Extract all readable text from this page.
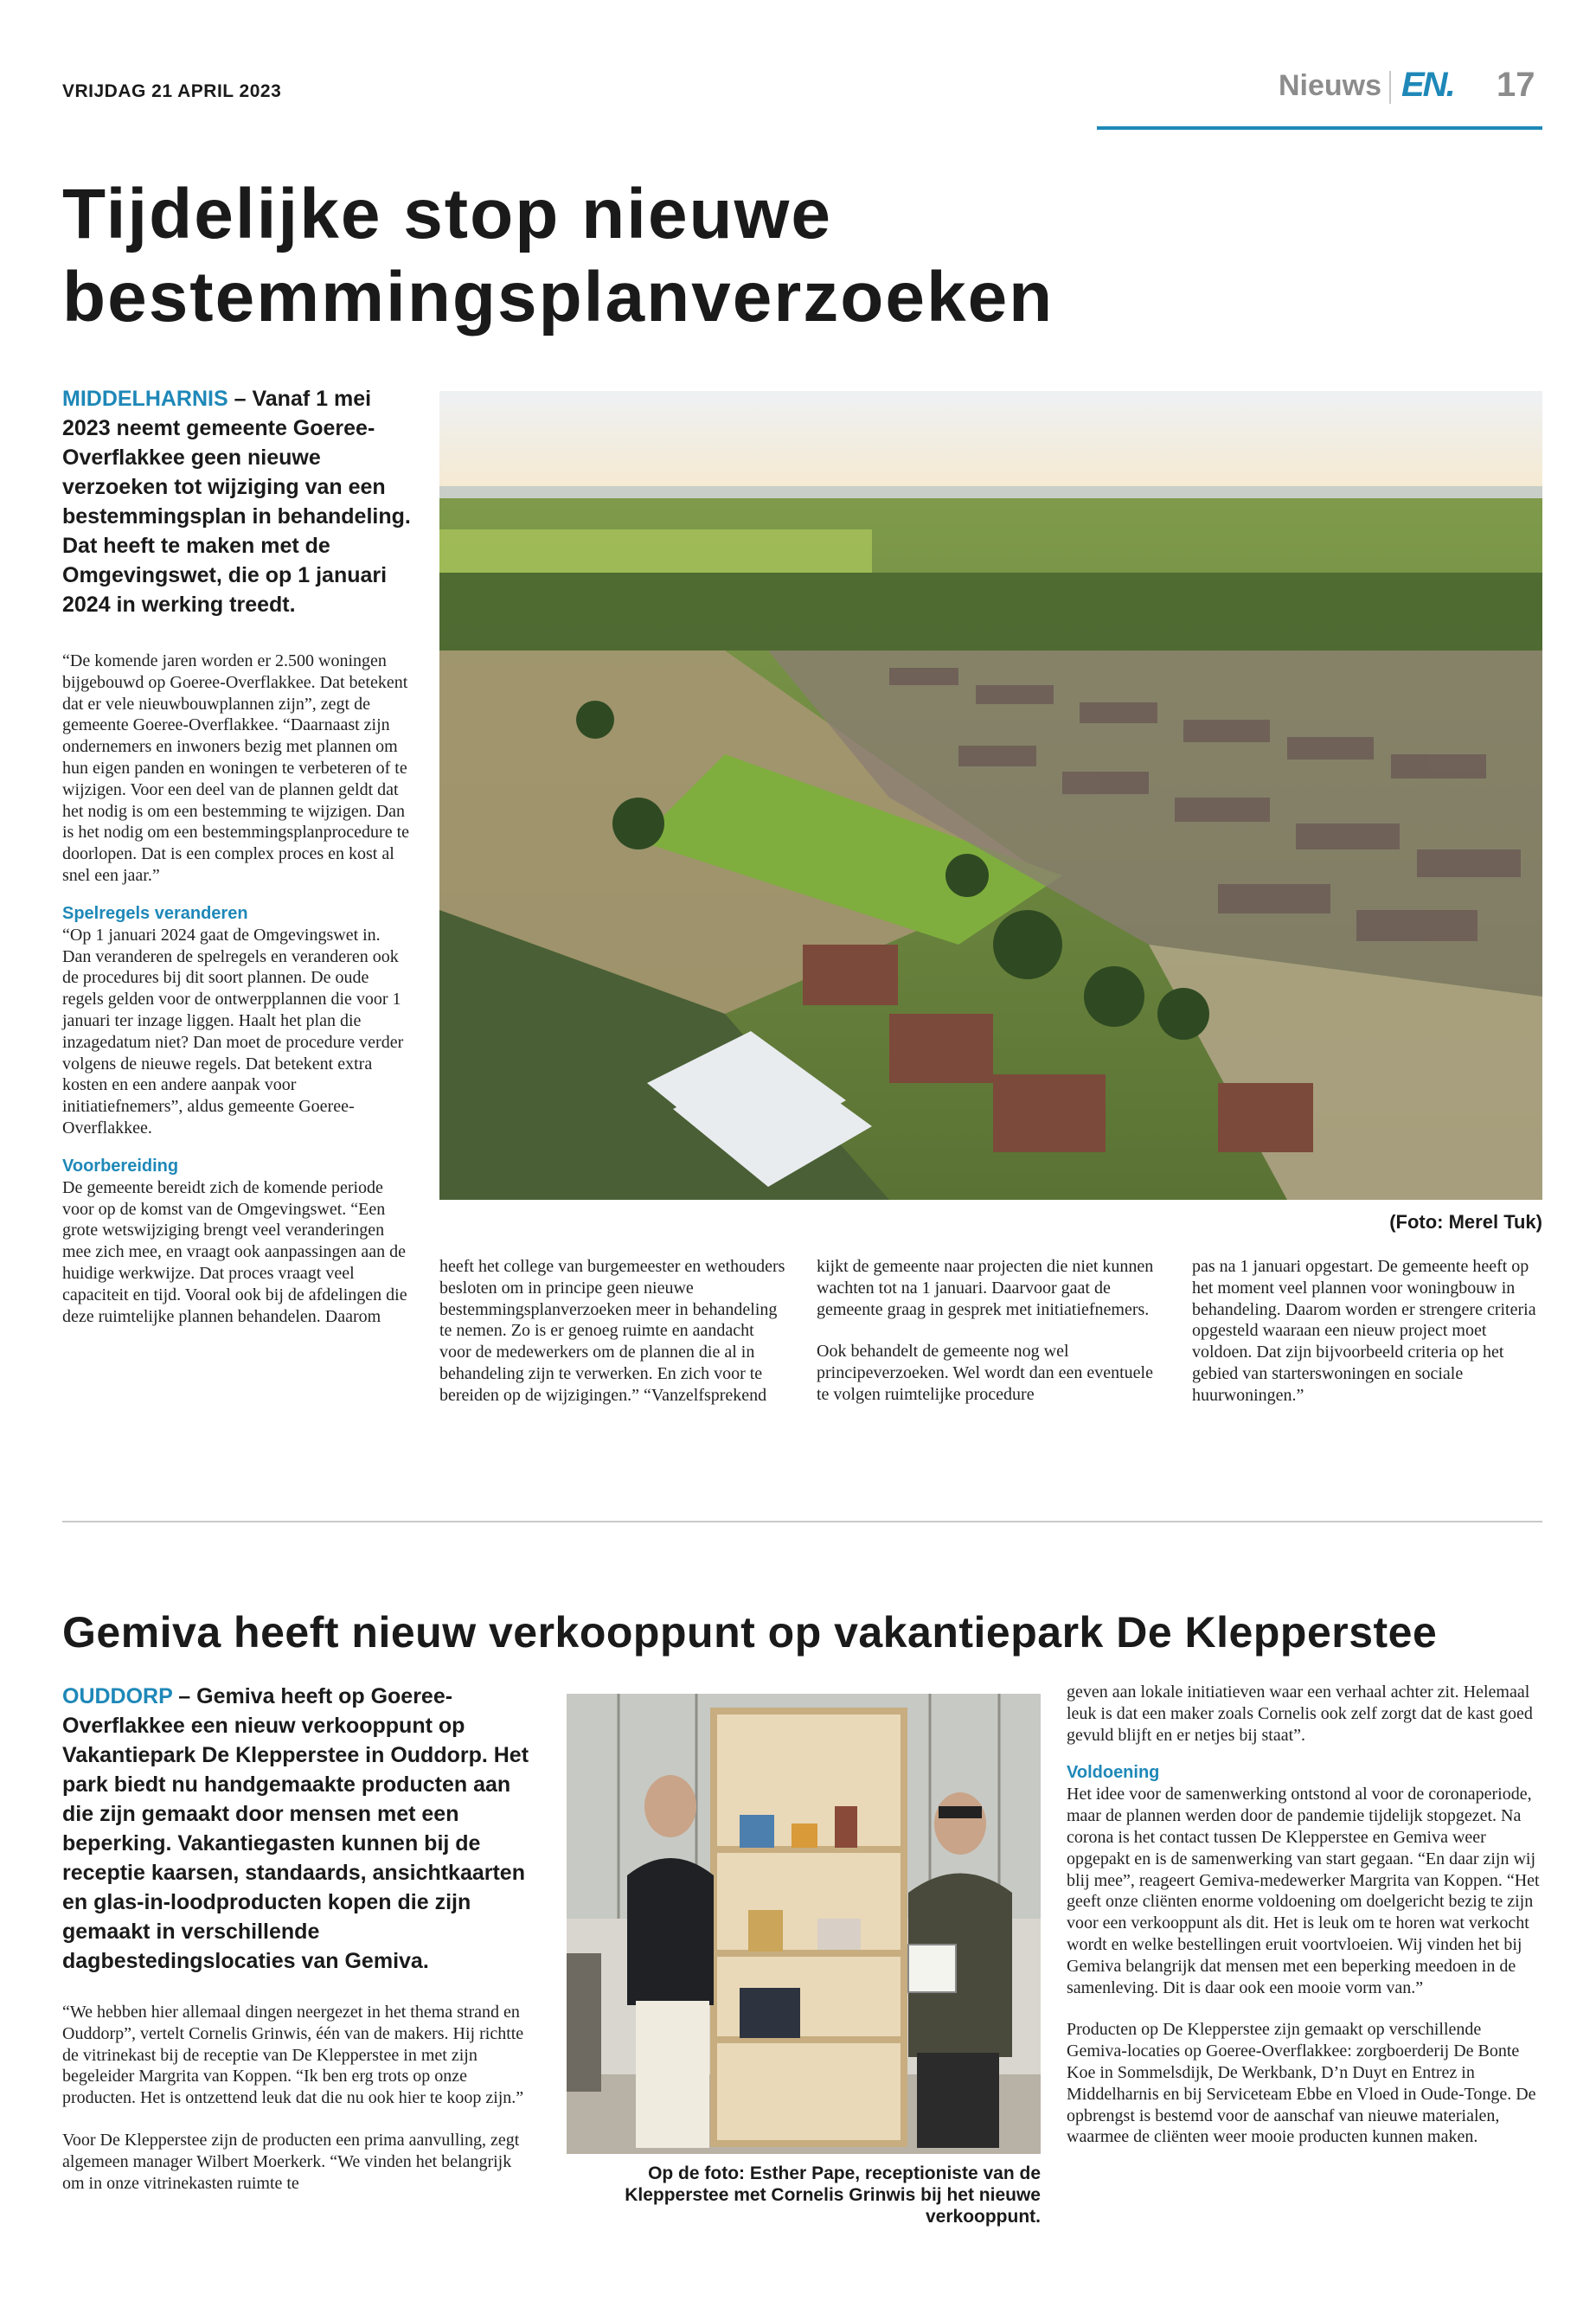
VRIJDAG 21 APRIL 2023	Nieuws EN. 17
Tijdelijke stop nieuwe
bestemmingsplanverzoeken
MIDDELHARNIS – Vanaf 1 mei 2023 neemt gemeente Goeree-Overflakkee geen nieuwe verzoeken tot wijziging van een bestemmingsplan in behandeling. Dat heeft te maken met de Omgevingswet, die op 1 januari 2024 in werking treedt.

“De komende jaren worden er 2.500 woningen bijgebouwd op Goeree-Overflakkee. Dat betekent dat er vele nieuwbouwplannen zijn”, zegt de gemeente Goeree-Overflakkee. “Daarnaast zijn ondernemers en inwoners bezig met plannen om hun eigen panden en woningen te verbeteren of te wijzigen. Voor een deel van de plannen geldt dat het nodig is om een bestemming te wijzigen. Dan is het nodig om een bestemmingsplanprocedure te doorlopen. Dat is een complex proces en kost al snel een jaar.”

Spelregels veranderen

“Op 1 januari 2024 gaat de Omgevingswet in. Dan veranderen de spelregels en veranderen ook de procedures bij dit soort plannen. De oude regels gelden voor de ontwerpplannen die voor 1 januari ter inzage liggen. Haalt het plan die inzagedatum niet? Dan moet de procedure verder volgens de nieuwe regels. Dat betekent extra kosten en een andere aanpak voor initiatiefnemers”, aldus gemeente Goeree-Overflakkee.

Voorbereiding

De gemeente bereidt zich de komende periode voor op de komst van de Omgevingswet. “Een grote wetswijziging brengt veel veranderingen mee zich mee, en vraagt ook aanpassingen aan de huidige werkwijze. Dat proces vraagt veel capaciteit en tijd. Vooral ook bij de afdelingen die deze ruimtelijke plannen behandelen. Daarom

(Foto: Merel Tuk)
heeft het college van burgemeester en wethouders besloten om in principe geen nieuwe bestemmingsplanverzoeken meer in behandeling te nemen. Zo is er genoeg ruimte en aandacht voor de medewerkers om de plannen die al in behandeling zijn te verwerken. En zich voor te bereiden op de wijzigingen.” “Vanzelfsprekend

kijkt de gemeente naar projecten die niet kunnen wachten tot na 1 januari. Daarvoor gaat de gemeente graag in gesprek met initiatiefnemers.

Ook behandelt de gemeente nog wel principeverzoeken. Wel wordt dan een eventuele te volgen ruimtelijke procedure

pas na 1 januari opgestart. De gemeente heeft op het moment veel plannen voor woningbouw in behandeling. Daarom worden er strengere criteria opgesteld waaraan een nieuw project moet voldoen. Dat zijn bijvoorbeeld criteria op het gebied van starterswoningen en sociale huurwoningen.”
Gemiva heeft nieuw verkooppunt op vakantiepark De Klepperstee
OUDDORP – Gemiva heeft op Goeree-Overflakkee een nieuw verkooppunt op Vakantiepark De Klepperstee in Ouddorp. Het park biedt nu handgemaakte producten aan die zijn gemaakt door mensen met een beperking. Vakantiegasten kunnen bij de receptie kaarsen, standaards, ansichtkaarten en glas-in-loodproducten kopen die zijn gemaakt in verschillende dagbestedingslocaties van Gemiva.

“We hebben hier allemaal dingen neergezet in het thema strand en Ouddorp”, vertelt Cornelis Grinwis, één van de makers. Hij richtte de vitrinekast bij de receptie van De Klepperstee in met zijn begeleider Margrita van Koppen. “Ik ben erg trots op onze producten. Het is ontzettend leuk dat die nu ook hier te koop zijn.”

Voor De Klepperstee zijn de producten een prima aanvulling, zegt algemeen manager Wilbert Moerkerk. “We vinden het belangrijk om in onze vitrinekasten ruimte te	Op de foto: Esther Pape, receptioniste van de Klepperstee met Cornelis Grinwis bij het nieuwe verkooppunt.

geven aan lokale initiatieven waar een verhaal achter zit. Helemaal leuk is dat een maker zoals Cornelis ook zelf zorgt dat de kast goed gevuld blijft en er netjes bij staat”.

Voldoening

Het idee voor de samenwerking ontstond al voor de coronaperiode, maar de plannen werden door de pandemie tijdelijk stopgezet. Na corona is het contact tussen De Klepperstee en Gemiva weer opgepakt en is de samenwerking van start gegaan. “En daar zijn wij blij mee”, reageert Gemiva-medewerker Margrita van Koppen. “Het geeft onze cliënten enorme voldoening om doelgericht bezig te zijn voor een verkooppunt als dit. Het is leuk om te horen wat verkocht wordt en welke bestellingen eruit voortvloeien. Wij vinden het bij Gemiva belangrijk dat mensen met een beperking meedoen in de samenleving. Dit is daar ook een mooie vorm van.”

Producten op De Klepperstee zijn gemaakt op verschillende Gemiva-locaties op Goeree-Overflakkee: zorgboerderij De Bonte Koe in Sommelsdijk, De Werkbank, D’n Duyt en Entrez in Middelharnis en bij Serviceteam Ebbe en Vloed in Oude-Tonge. De opbrengst is bestemd voor de aanschaf van nieuwe materialen, waarmee de cliënten weer mooie producten kunnen maken.
